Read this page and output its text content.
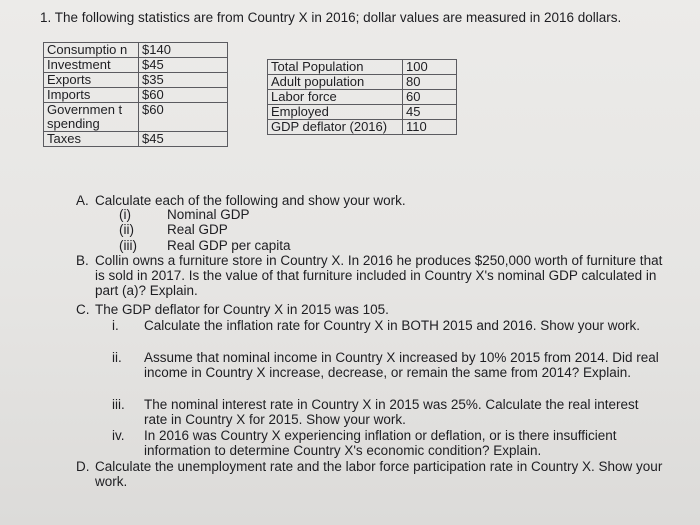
1. The following statistics are from Country X in 2016; dollar values are measured in 2016 dollars.
Consumptio n	$140
Investment	$45
Exports	$35
Imports	$60
Governmen t spending	$60
Taxes	$45
Total Population	100
Adult population	80
Labor force	60
Employed	45
GDP deflator (2016)	110
A. Calculate each of the following and show your work.
(i)	Nominal GDP
(ii) Real GDP
(iii) Real GDP per capita
B. Collin owns a furniture store in Country X. In 2016 he produces $250,000 worth of furniture that is sold in 2017. Is the value of that furniture included in Country X's nominal GDP calculated in part (a)? Explain.
C. The GDP deflator for Country X in 2015 was 105.
i. Calculate the inflation rate for Country X in BOTH 2015 and 2016. Show your work.
ii. Assume that nominal income in Country X increased by 10% 2015 from 2014. Did real income in Country X increase, decrease, or remain the same from 2014? Explain.
iii. The nominal interest rate in Country X in 2015 was 25%. Calculate the real interest rate in Country X for 2015. Show your work.
iv. In 2016 was Country X experiencing inflation or deflation, or is there insufficient information to determine Country X's economic condition? Explain.
D. Calculate the unemployment rate and the labor force participation rate in Country X. Show your work.
